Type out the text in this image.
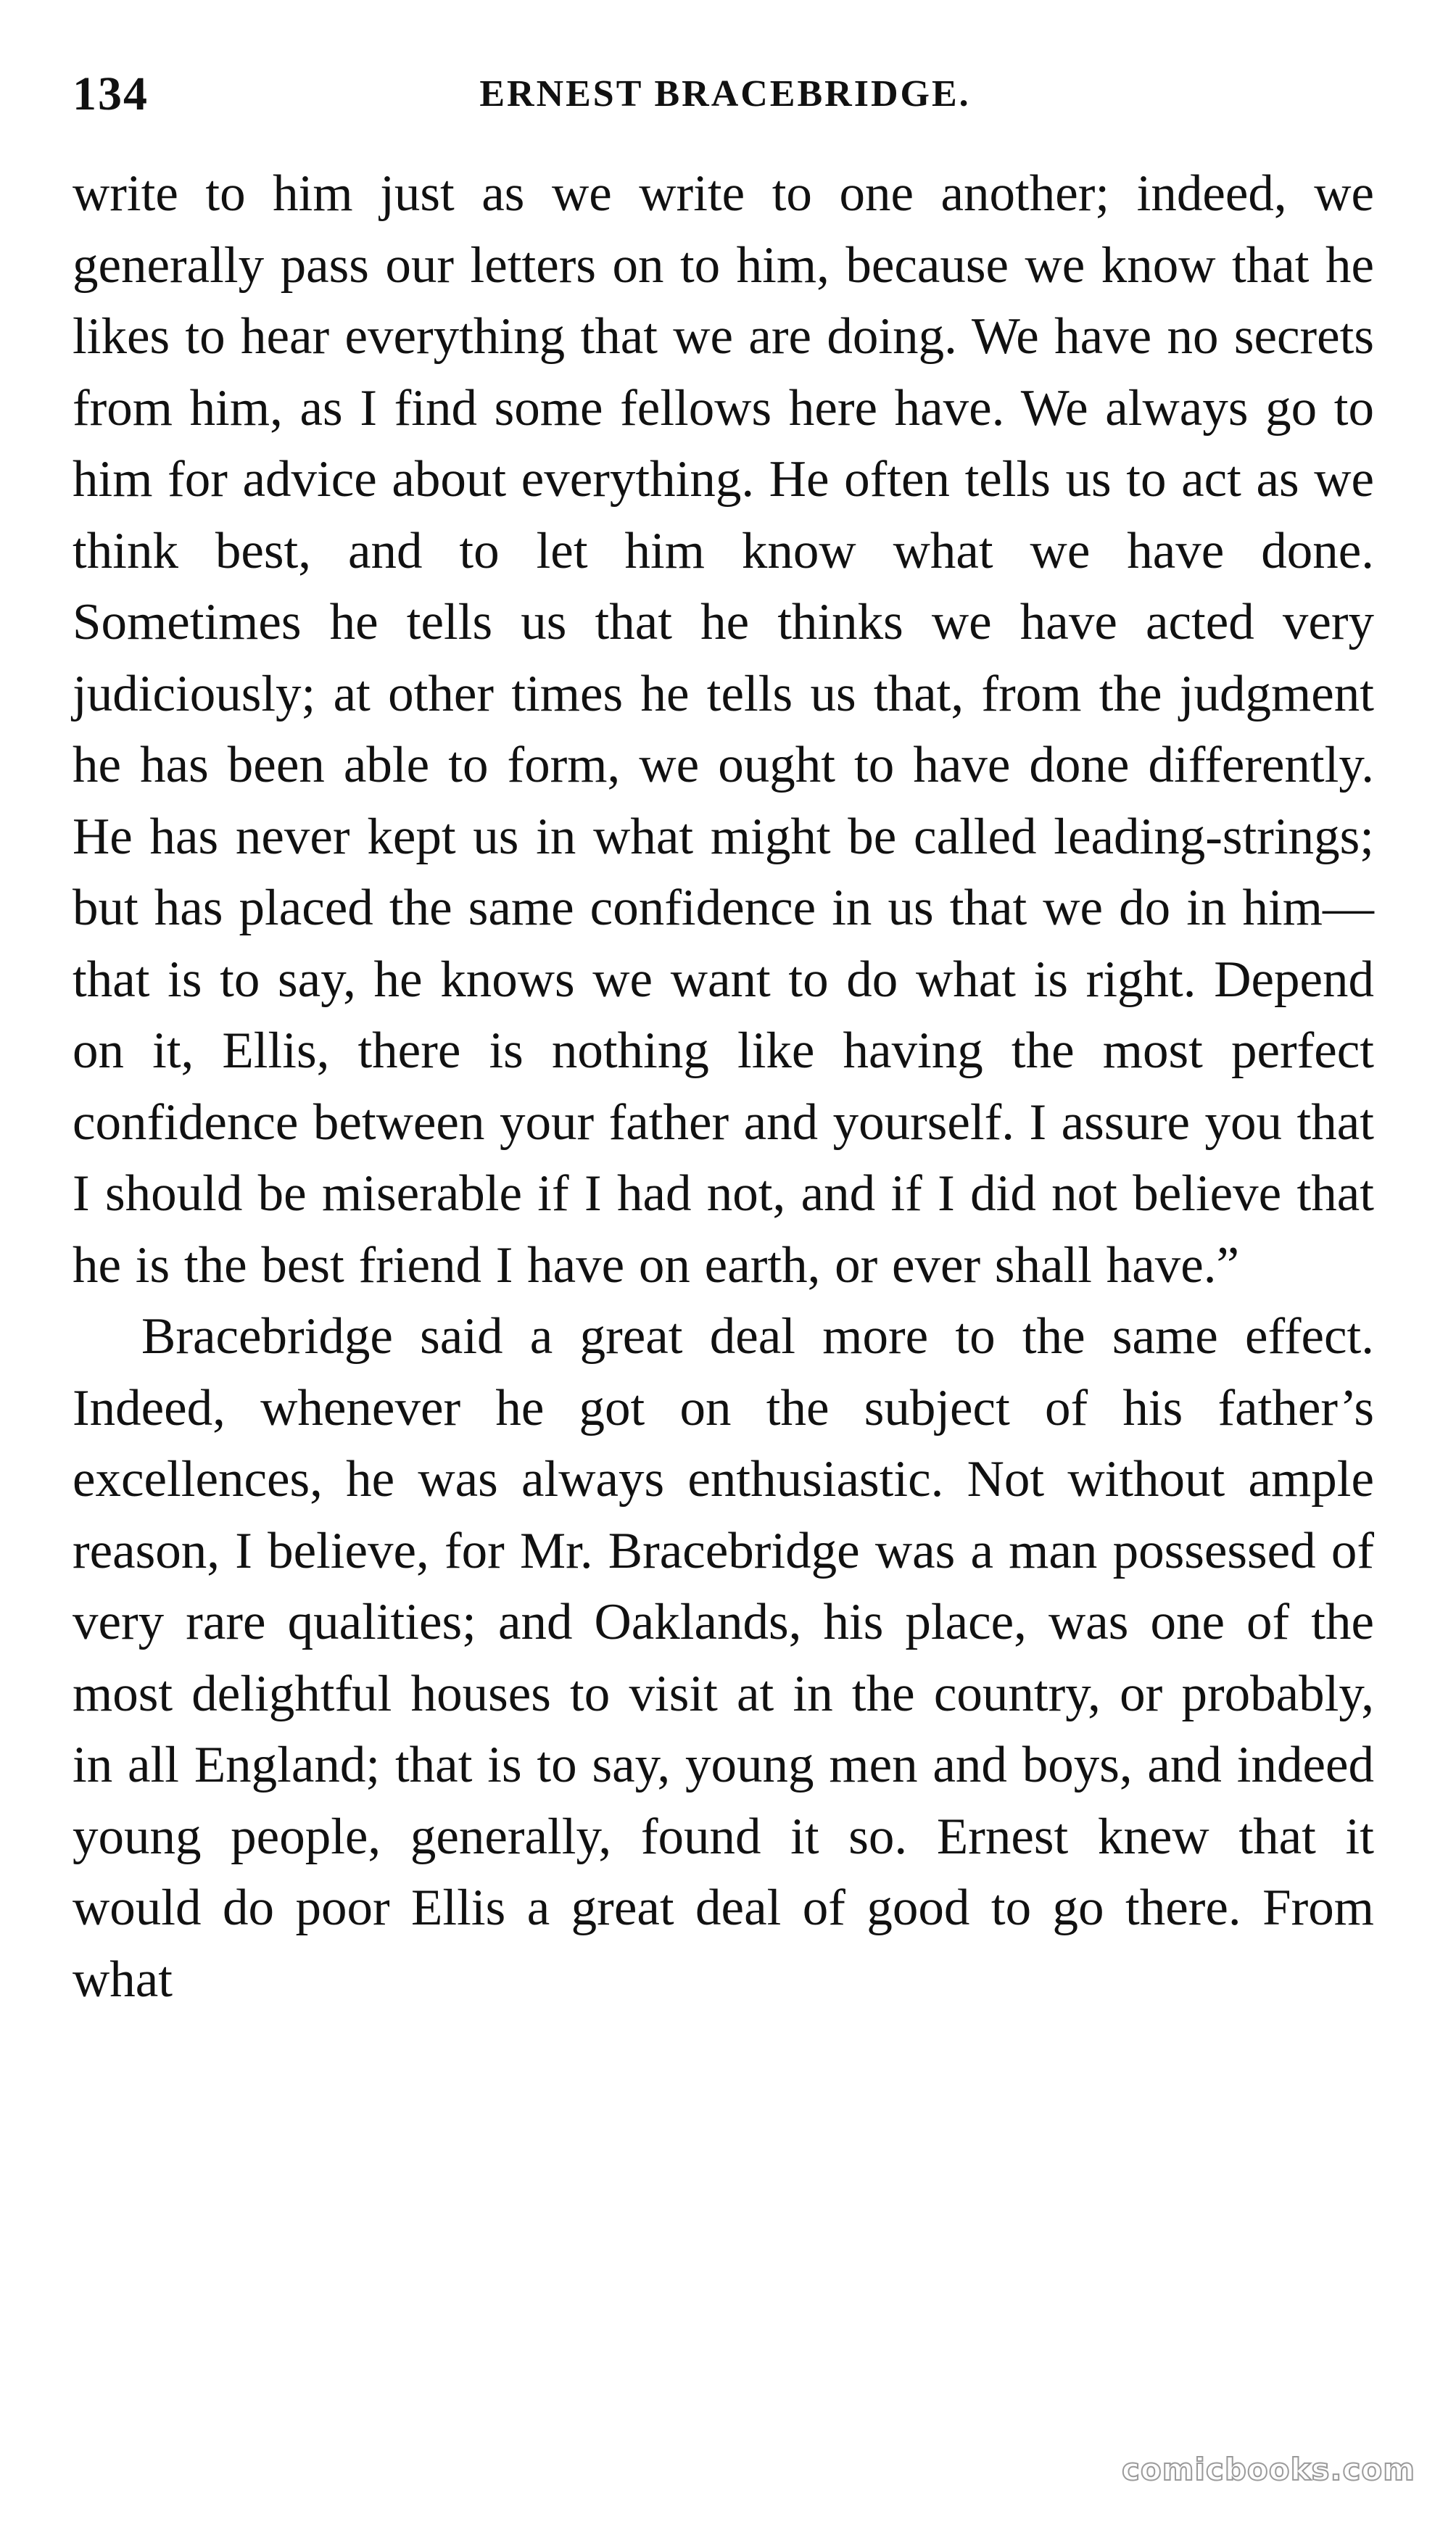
134	ERNEST BRACEBRIDGE.

write to him just as we write to one another; indeed, we generally pass our letters on to him, because we know that he likes to hear everything that we are doing. We have no secrets from him, as I find some fellows here have. We always go to him for advice about everything. He often tells us to act as we think best, and to let him know what we have done. Sometimes he tells us that he thinks we have acted very judiciously; at other times he tells us that, from the judgment he has been able to form, we ought to have done differently. He has never kept us in what might be called leading-strings; but has placed the same confidence in us that we do in him—that is to say, he knows we want to do what is right. Depend on it, Ellis, there is nothing like having the most perfect confidence between your father and yourself. I assure you that I should be miserable if I had not, and if I did not believe that he is the best friend I have on earth, or ever shall have.”

Bracebridge said a great deal more to the same effect. Indeed, whenever he got on the subject of his father’s excellences, he was always enthusiastic. Not without ample reason, I believe, for Mr. Bracebridge was a man possessed of very rare qualities; and Oaklands, his place, was one of the most delightful houses to visit at in the country, or probably, in all England; that is to say, young men and boys, and indeed young people, generally, found it so. Ernest knew that it would do poor Ellis a great deal of good to go there. From what

comicbooks.com
